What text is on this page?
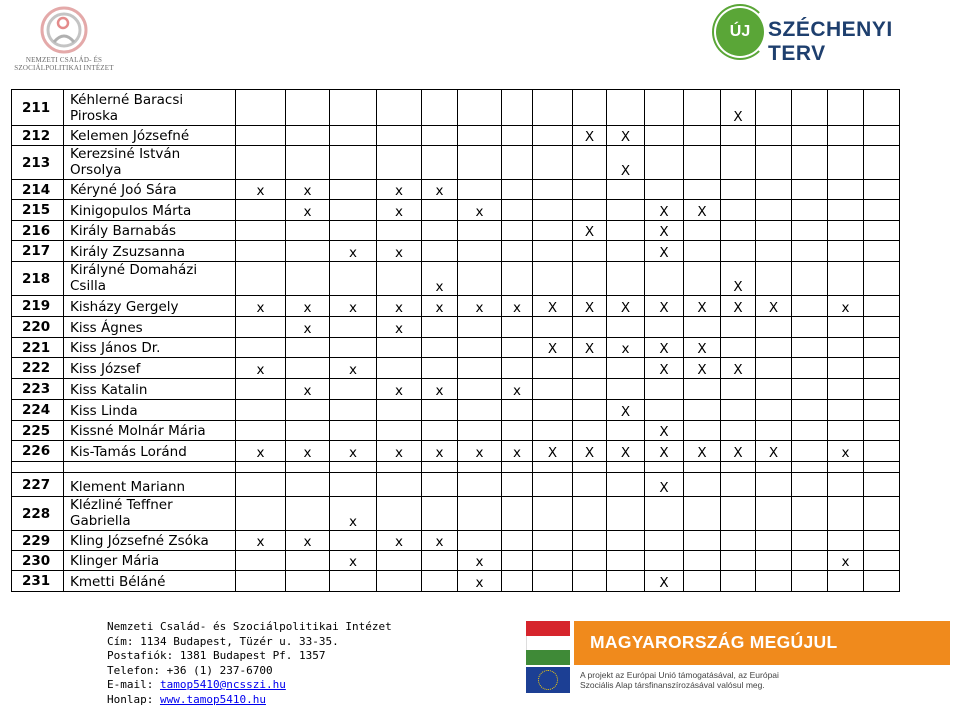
NEMZETI CSALÁD- ÉS SZOCIÁLPOLITIKAI INTÉZET
ÚJ SZÉCHENYI TERV
211	Kéhlerné Baracsi Piroska													X				
212	Kelemen Józsefné									X	X							
213	Kerezsiné István Orsolya										X							
214	Kéryné Joó Sára	x	x		x	x												
215	Kinigopulos Márta		x		x		x					X	X					
216	Király Barnabás									X		X						
217	Király Zsuzsanna			x	x							X						
218	Királyné Domaházi Csilla					x								X				
219	Kisházy Gergely	x	x	x	x	x	x	x	X	X	X	X	X	X	X		x	
220	Kiss Ágnes		x		x													
221	Kiss János Dr.								X	X	x	X	X					
222	Kiss József	x		x								X	X	X				
223	Kiss Katalin		x		x	x		x										
224	Kiss Linda										X							
225	Kissné Molnár Mária											X						
226	Kis-Tamás Loránd	x	x	x	x	x	x	x	X	X	X	X	X	X	X		x	

227	Klement Mariann											X						
228	Klézliné Teffner Gabriella			x														
229	Kling Józsefné Zsóka	x	x		x	x												
230	Klinger Mária			x			x										x	
231	Kmetti Béláné						x					X						
Nemzeti Család- és Szociálpolitikai Intézet
Cím: 1134 Budapest, Tüzér u. 33-35.
Postafiók: 1381 Budapest Pf. 1357
Telefon: +36 (1) 237-6700
E-mail: tamop5410@ncsszi.hu
Honlap: www.tamop5410.hu
MAGYARORSZÁG MEGÚJUL
A projekt az Európai Unió támogatásával, az Európai
Szociális Alap társfinanszírozásával valósul meg.
